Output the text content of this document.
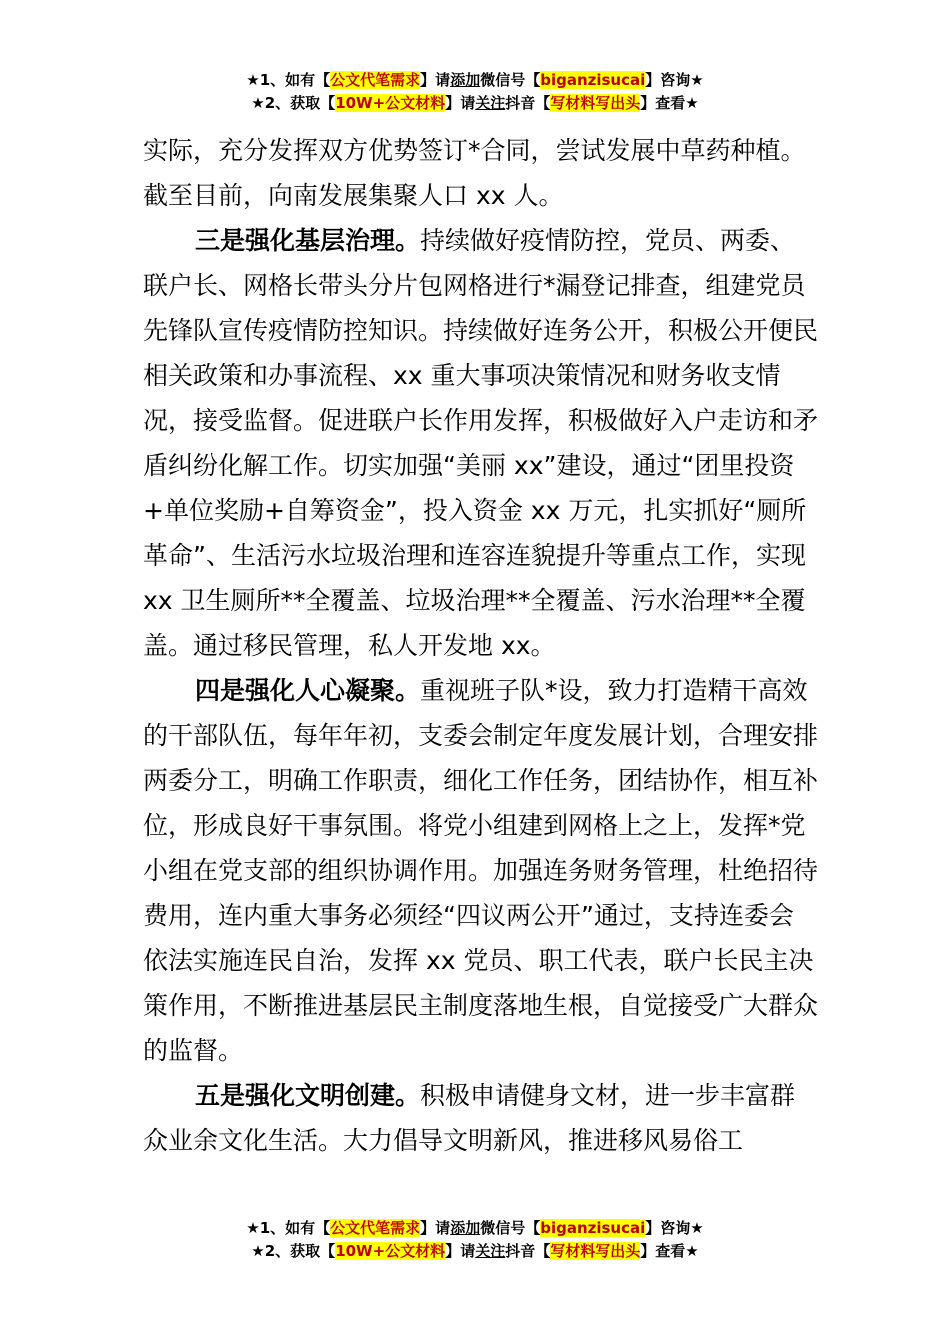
★1、如有【公文代笔需求】请添加微信号【biganzisucai】咨询★
★2、获取【10W+公文材料】请关注抖音【写材料写出头】查看★

实际，充分发挥双方优势签订*合同，尝试发展中草药种植。截至目前，向南发展集聚人口 xx 人。

三是强化基层治理。持续做好疫情防控，党员、两委、联户长、网格长带头分片包网格进行*漏登记排查，组建党员先锋队宣传疫情防控知识。持续做好连务公开，积极公开便民相关政策和办事流程、xx 重大事项决策情况和财务收支情况，接受监督。促进联户长作用发挥，积极做好入户走访和矛盾纠纷化解工作。切实加强“美丽 xx”建设，通过“团里投资+单位奖励+自筹资金”，投入资金 xx 万元，扎实抓好“厕所革命”、生活污水垃圾治理和连容连貌提升等重点工作，实现 xx 卫生厕所**全覆盖、垃圾治理**全覆盖、污水治理**全覆盖。通过移民管理，私人开发地 xx。

四是强化人心凝聚。重视班子队*设，致力打造精干高效的干部队伍，每年年初，支委会制定年度发展计划，合理安排两委分工，明确工作职责，细化工作任务，团结协作，相互补位，形成良好干事氛围。将党小组建到网格上之上，发挥*党小组在党支部的组织协调作用。加强连务财务管理，杜绝招待费用，连内重大事务必须经“四议两公开”通过，支持连委会依法实施连民自治，发挥 xx 党员、职工代表，联户长民主决策作用，不断推进基层民主制度落地生根，自觉接受广大群众的监督。

五是强化文明创建。积极申请健身文材，进一步丰富群众业余文化生活。大力倡导文明新风，推进移风易俗工

★1、如有【公文代笔需求】请添加微信号【biganzisucai】咨询★
★2、获取【10W+公文材料】请关注抖音【写材料写出头】查看★
